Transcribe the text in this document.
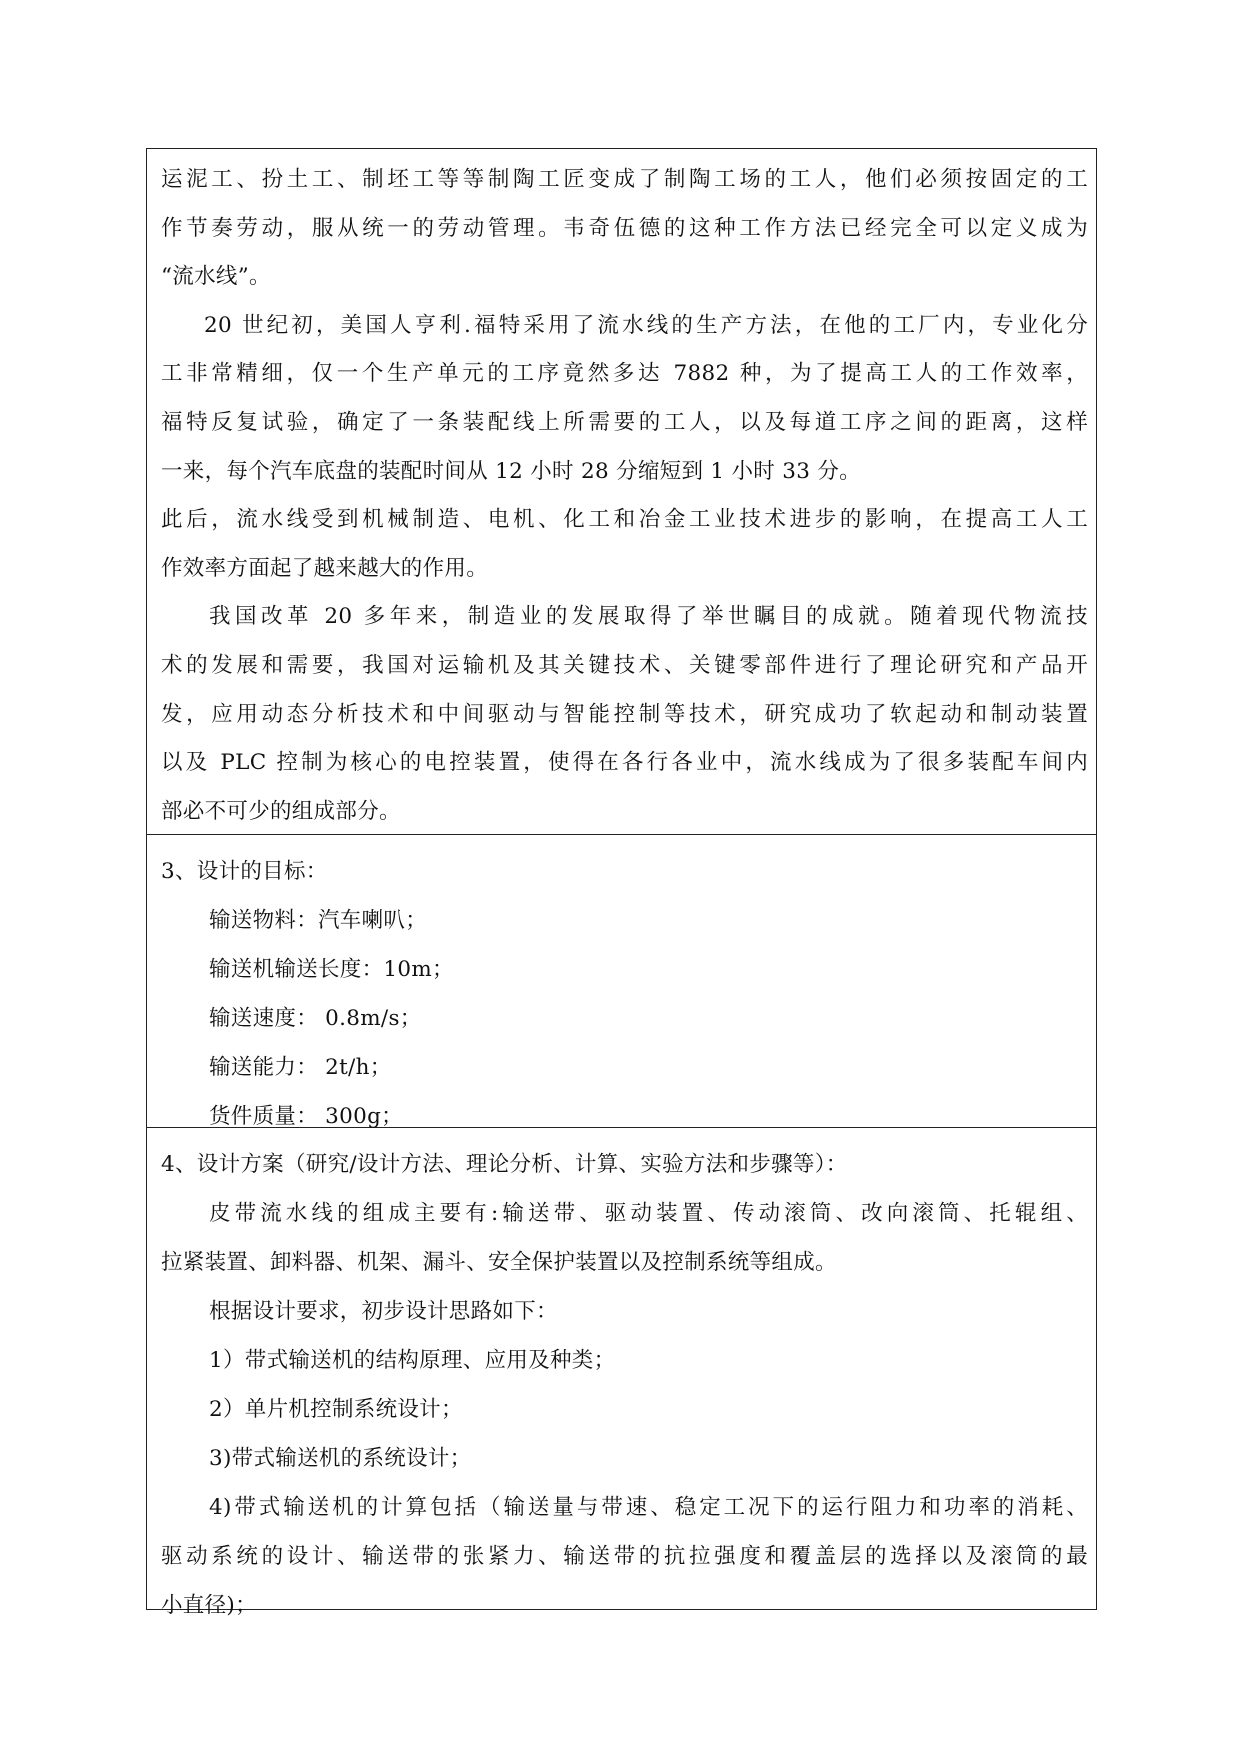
运泥工、扮土工、制坯工等等制陶工匠变成了制陶工场的工人，他们必须按固定的工
作节奏劳动，服从统一的劳动管理。韦奇伍德的这种工作方法已经完全可以定义成为
“流水线”。
20 世纪初，美国人亨利.福特采用了流水线的生产方法，在他的工厂内，专业化分
工非常精细，仅一个生产单元的工序竟然多达 7882 种，为了提高工人的工作效率，
福特反复试验，确定了一条装配线上所需要的工人，以及每道工序之间的距离，这样
一来，每个汽车底盘的装配时间从 12 小时 28 分缩短到 1 小时 33 分。
此后，流水线受到机械制造、电机、化工和冶金工业技术进步的影响，在提高工人工
作效率方面起了越来越大的作用。
我国改革 20 多年来，制造业的发展取得了举世瞩目的成就。随着现代物流技
术的发展和需要，我国对运输机及其关键技术、关键零部件进行了理论研究和产品开
发，应用动态分析技术和中间驱动与智能控制等技术，研究成功了软起动和制动装置
以及 PLC 控制为核心的电控装置，使得在各行各业中，流水线成为了很多装配车间内
部必不可少的组成部分。
3、设计的目标：
输送物料：汽车喇叭；
输送机输送长度：10m；
输送速度： 0.8m/s；
输送能力： 2t/h；
货件质量： 300g；
4、设计方案（研究/设计方法、理论分析、计算、实验方法和步骤等）：
皮带流水线的组成主要有:输送带、驱动装置、传动滚筒、改向滚筒、托辊组、
拉紧装置、卸料器、机架、漏斗、安全保护装置以及控制系统等组成。
根据设计要求，初步设计思路如下：
1）带式输送机的结构原理、应用及种类；
2）单片机控制系统设计；
3)带式输送机的系统设计；
4)带式输送机的计算包括（输送量与带速、稳定工况下的运行阻力和功率的消耗、
驱动系统的设计、输送带的张紧力、输送带的抗拉强度和覆盖层的选择以及滚筒的最
小直径)；
